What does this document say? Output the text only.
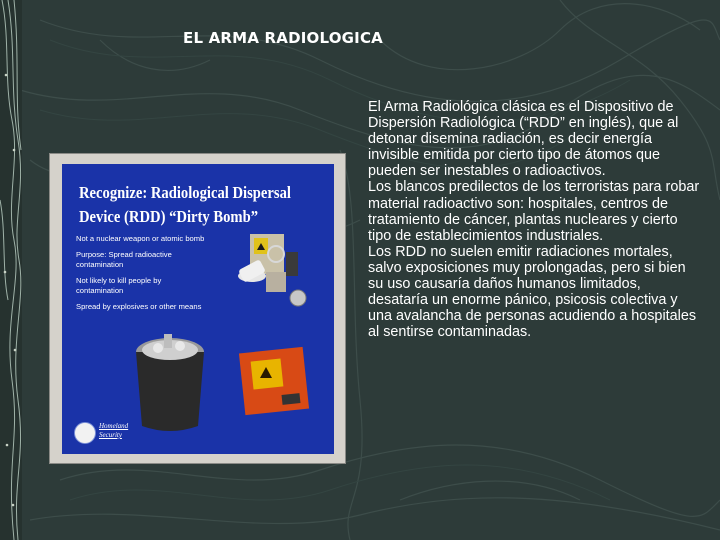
EL ARMA RADIOLOGICA
Recognize: Radiological Dispersal
Device (RDD) “Dirty Bomb”
Not a nuclear weapon or atomic bomb
Purpose: Spread radioactive contamination
Not likely to kill people by contamination
Spread by explosives or other means
Homeland
Security

El Arma Radiológica clásica es el Dispositivo de Dispersión Radiológica (“RDD” en inglés), que al detonar disemina radiación, es decir energía invisible emitida por cierto tipo de átomos que pueden ser inestables o radioactivos.

Los blancos predilectos de los terroristas para robar material radioactivo son: hospitales, centros de tratamiento de cáncer, plantas nucleares y cierto tipo de establecimientos industriales.

Los RDD no suelen emitir radiaciones mortales, salvo exposiciones muy prolongadas, pero si bien su uso causaría daños humanos limitados, desataría un enorme pánico, psicosis colectiva y una avalancha de personas acudiendo a hospitales al sentirse contaminadas.
